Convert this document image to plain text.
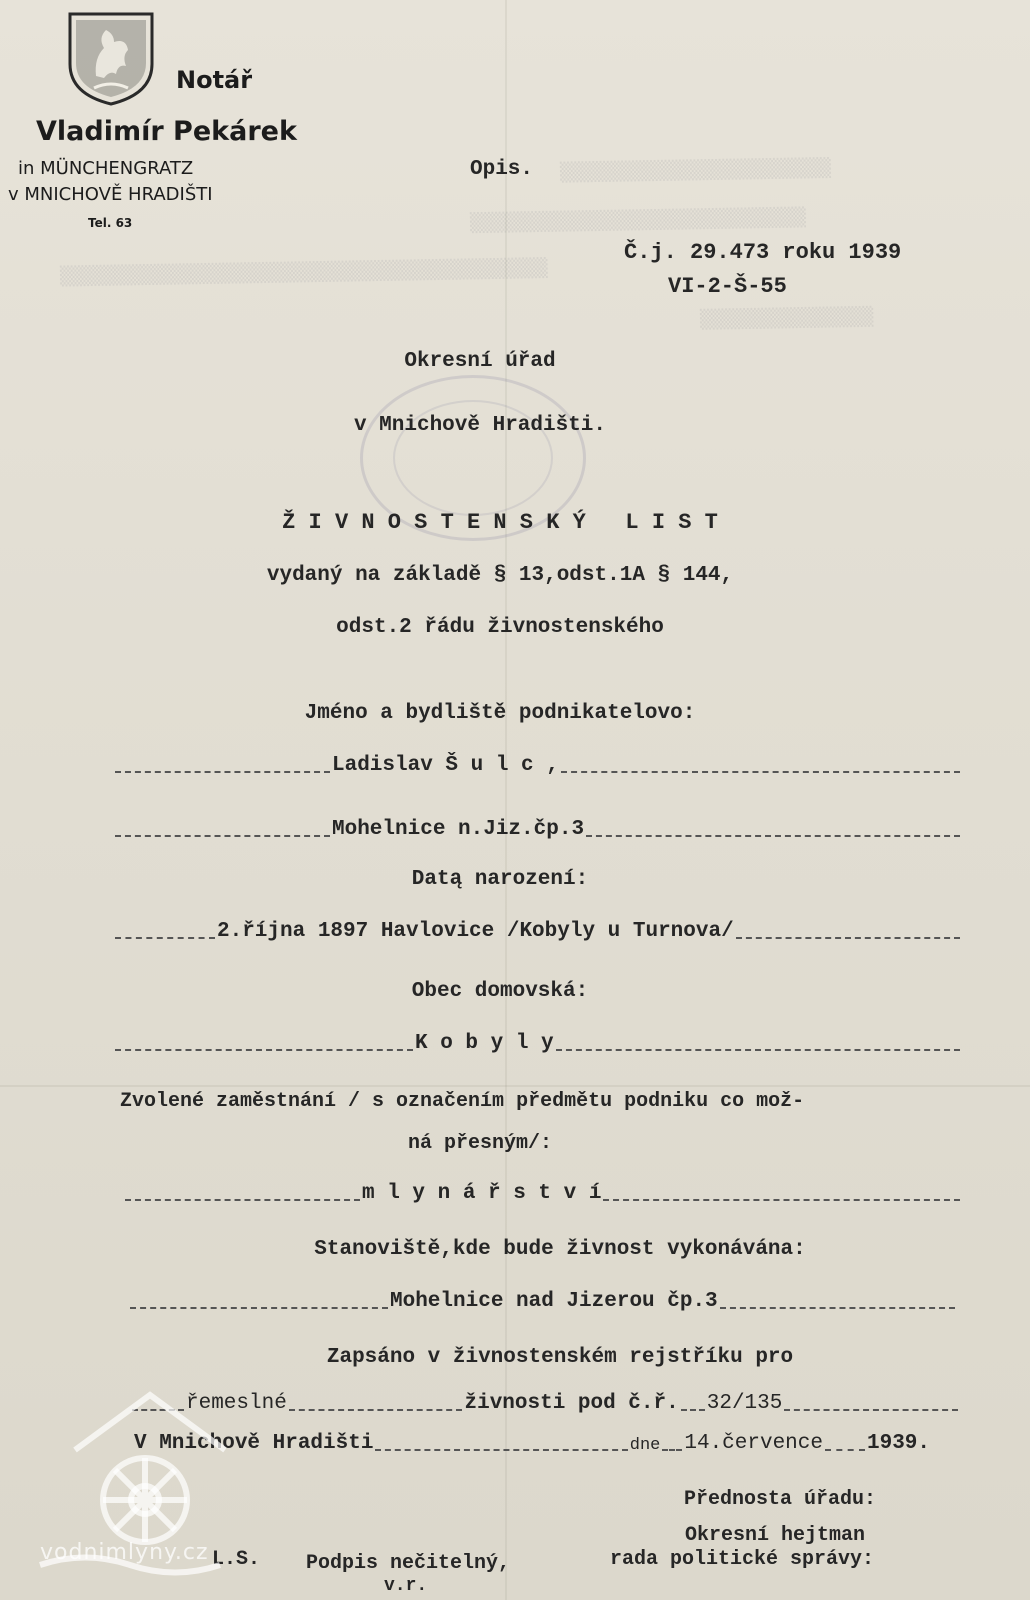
▒▒▒▒▒▒▒▒▒▒▒▒▒▒▒▒▒▒▒▒▒▒▒▒▒
▒▒▒▒▒▒▒▒▒▒▒▒▒▒▒▒▒▒▒▒▒▒▒▒▒▒▒▒▒▒▒
▒▒▒▒▒▒▒▒▒▒▒▒▒▒▒▒▒▒▒▒▒▒▒▒▒▒▒▒▒▒▒▒▒▒▒▒▒▒▒▒▒▒▒▒▒
▒▒▒▒▒▒▒▒▒▒▒▒▒▒▒▒
Notář
Vladimír Pekárek
in MÜNCHENGRATZ
v MNICHOVĚ HRADIŠTI
Tel. 63
Opis.
Č.j. 29.473 roku 1939
VI-2-Š-55
Okresní úřad
v Mnichově Hradišti.
Ž I V N O S T E N S K Ý   L I S T
vydaný na základě § 13,odst.1A § 144,
odst.2 řádu živnostenského
Jméno a bydliště podnikatelovo:
Ladislav Š u l c ,
Mohelnice n.Jiz.čp.3
Datą narození:
2.října 1897 Havlovice /Kobyly u Turnova/
Obec domovská:
K o b y l y
Zvolené zaměstnání / s označením předmětu podniku co mož-
ná přesným/:
m l y n á ř s t v í
Stanoviště,kde bude živnost vykonávána:
Mohelnice nad Jizerou čp.3
Zapsáno v živnostenském rejstříku pro
řemeslné	živnosti pod č.ř. 32/135
V Mnichově Hradišti	dne 14.července 1939.
Přednosta úřadu:
Okresní hejtman
rada politické správy:
L.S. Podpis nečitelný,
v.r.
vodnimlyny.cz
